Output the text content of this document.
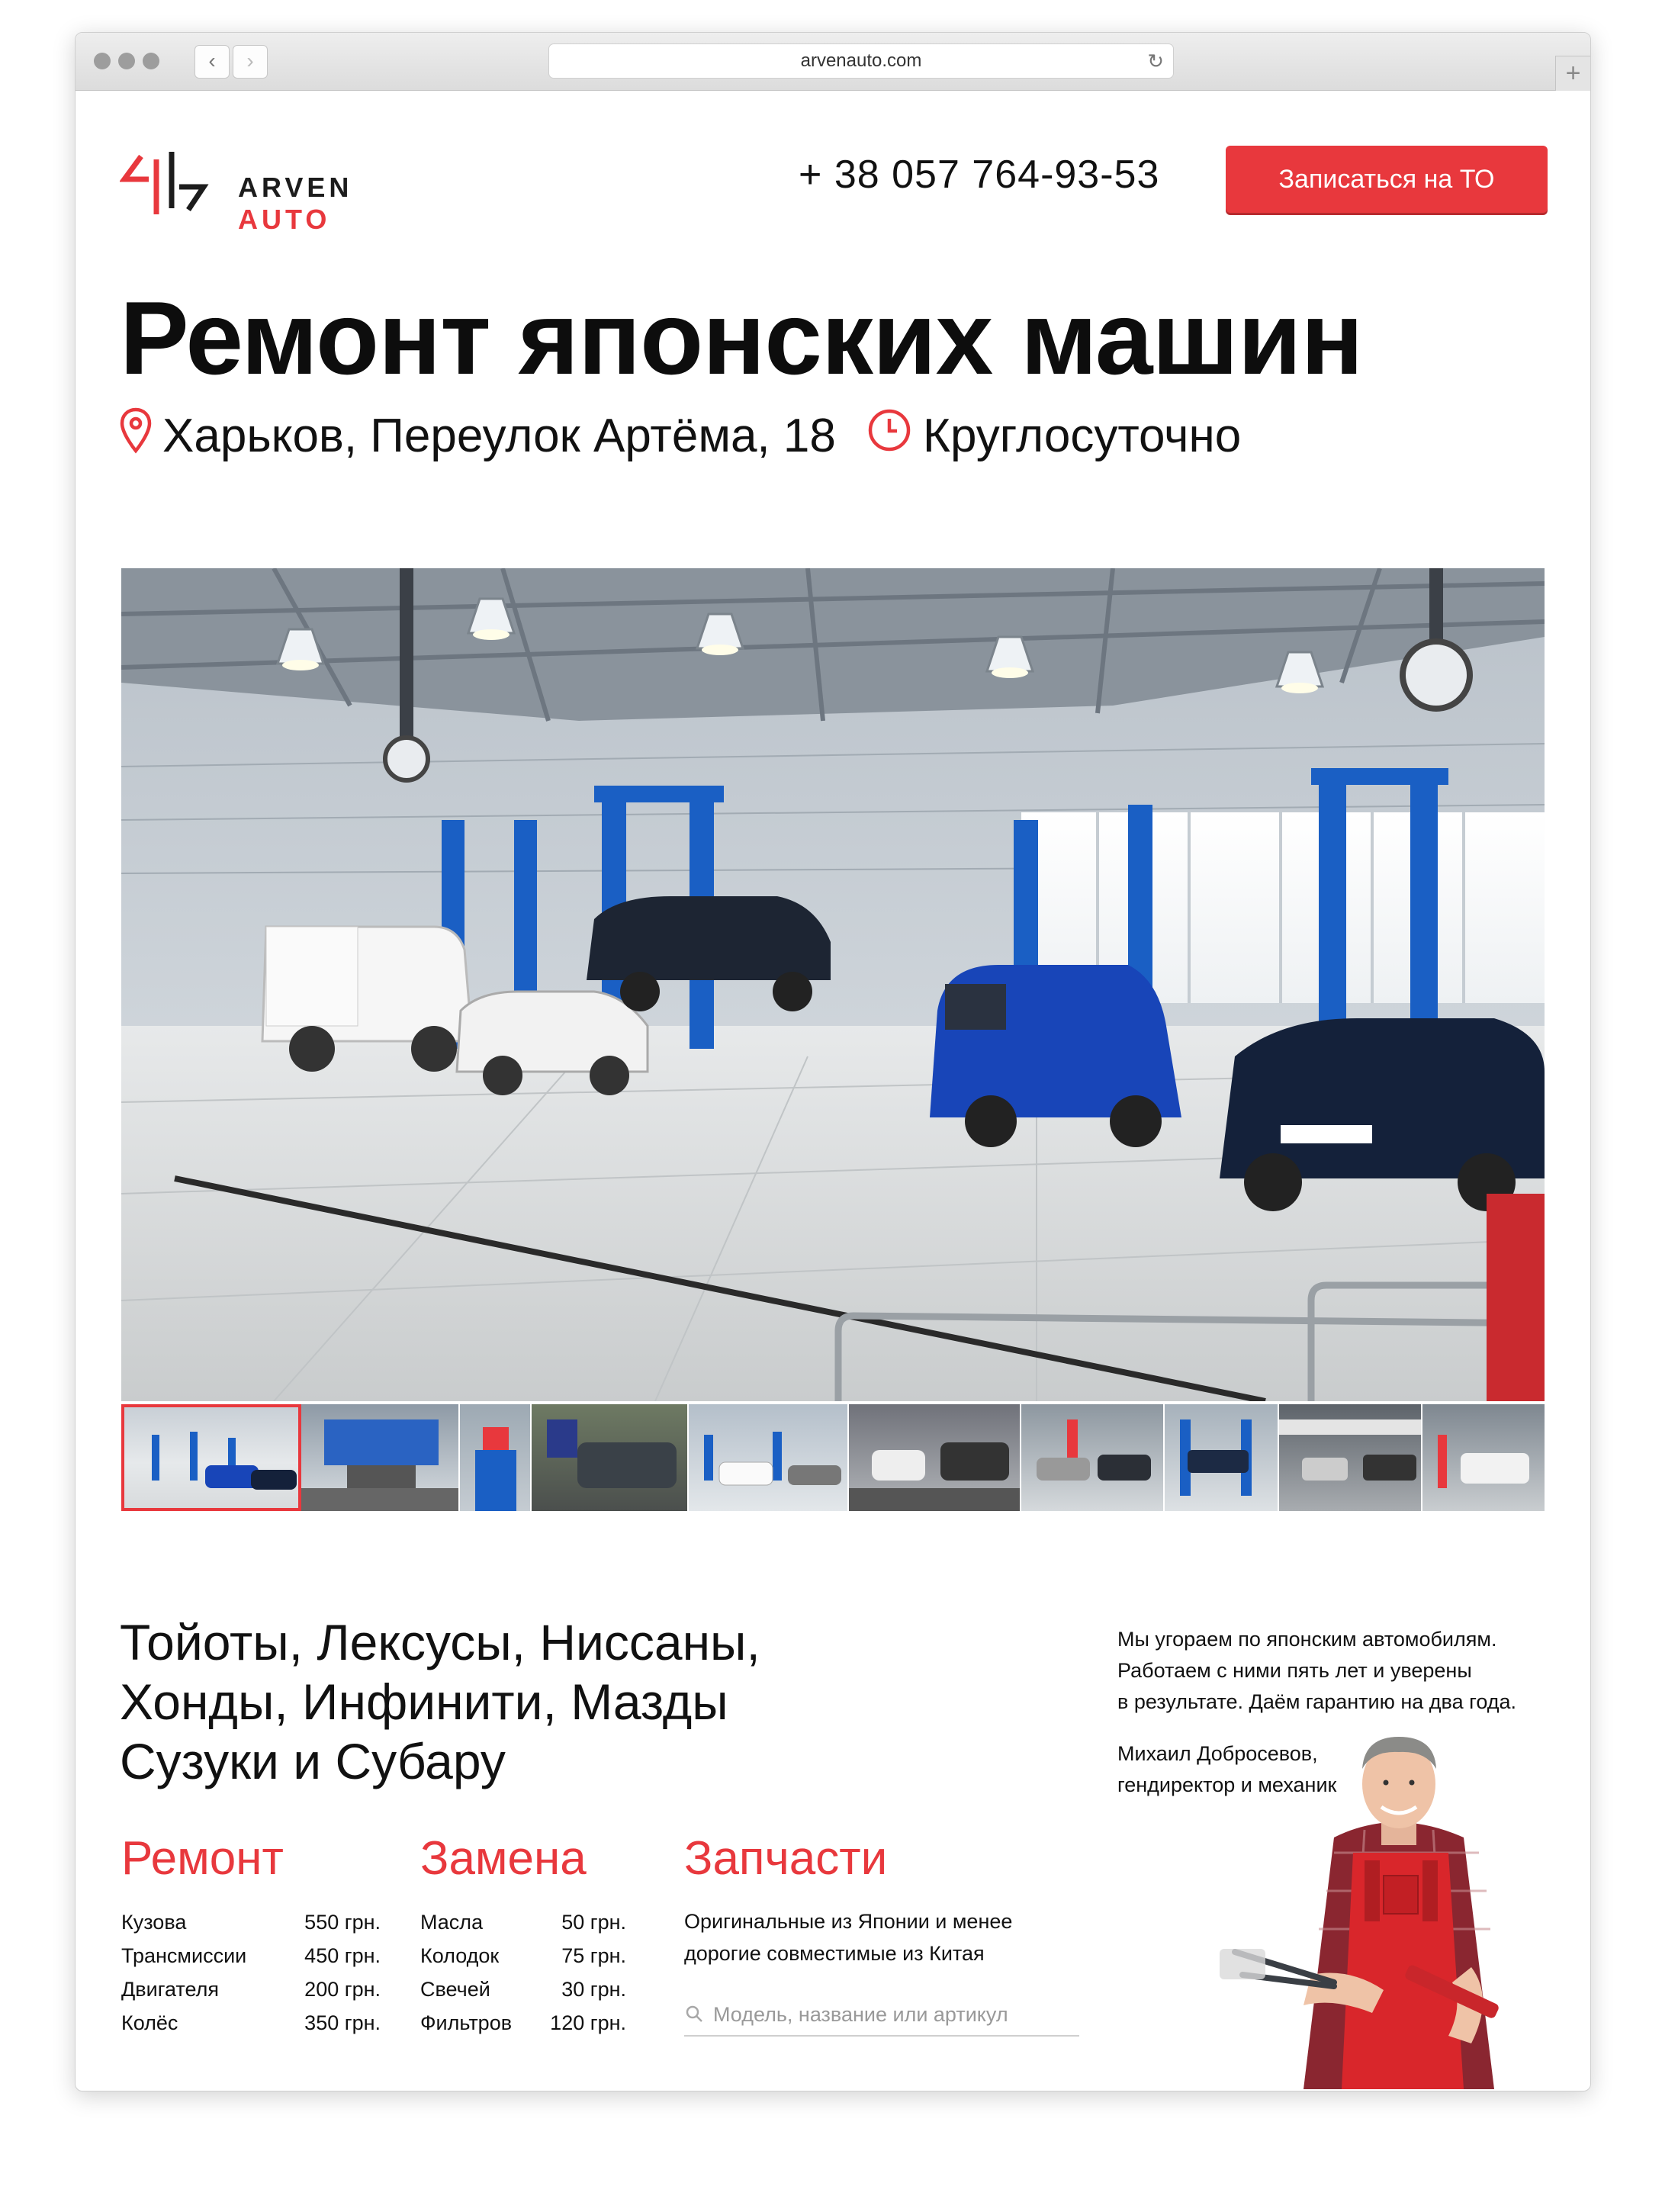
‹	›	arvenauto.com	↻	+
ARVEN AUTO
+ 38 057 764-93-53	Записаться на ТО
Ремонт японских машин
Харьков, Переулок Артёма, 18 Круглосуточно
Тойоты, Лексусы, Ниссаны,
Хонды, Инфинити, Мазды
Сузуки и Субару
Ремонт
Кузова	550 грн.
Трансмиссии	450 грн.
Двигателя	200 грн.
Колёс	350 грн.
Замена
Масла	50 грн.
Колодок	75 грн.
Свечей	30 грн.
Фильтров	120 грн.
Запчасти
Оригинальные из Японии и менее дорогие совместимые из Китая
Модель, название или артикул
Мы угораем по японским автомобилям.
Работаем с ними пять лет и уверены
в результате. Даём гарантию на два года.
Михаил Добросевов,
гендиректор и механик
